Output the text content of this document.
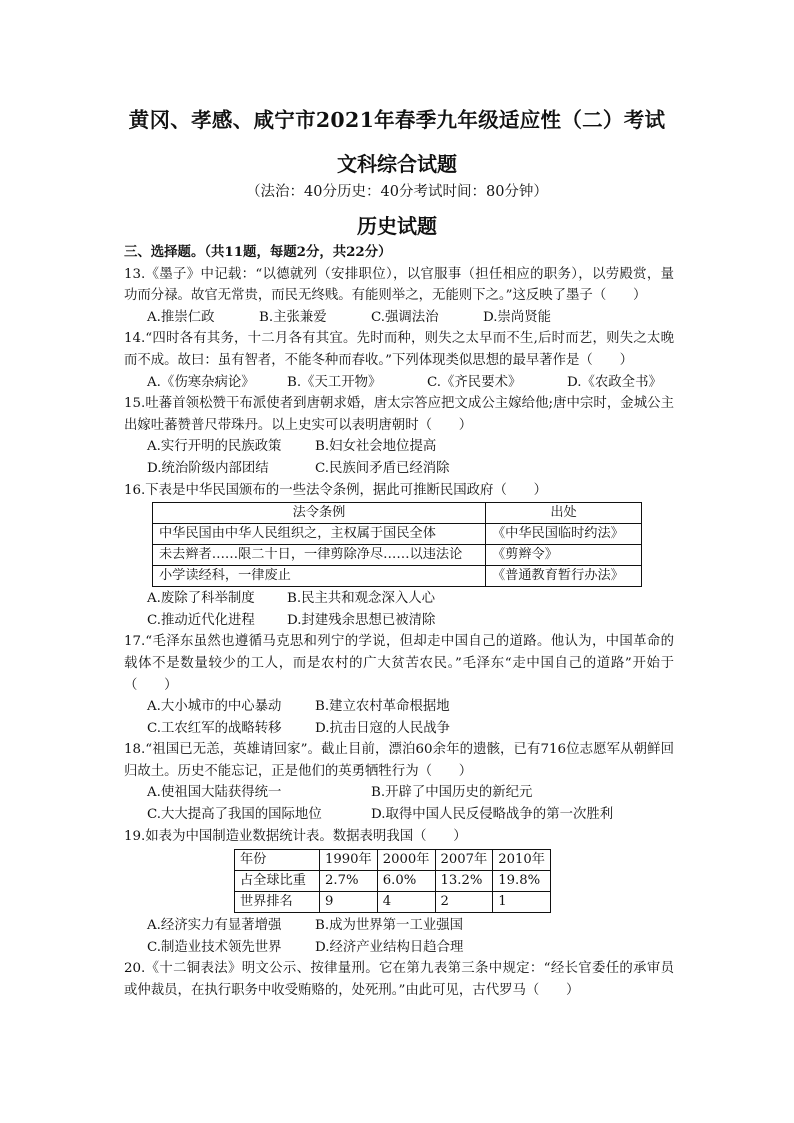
黄冈、孝感、咸宁市2021年春季九年级适应性（二）考试
文科综合试题
（法治：40分历史：40分考试时间：80分钟）
历史试题
三、选择题。（共11题，每题2分，共22分）
13.《墨子》中记载：“以德就列（安排职位），以官服事（担任相应的职务），以劳殿赏，量功而分禄。故官无常贵，而民无终贱。有能则举之，无能则下之。”这反映了墨子（　　）
A.推崇仁政	B.主张兼爱	C.强调法治	D.崇尚贤能
14.“四时各有其务，十二月各有其宜。先时而种，则失之太早而不生,后时而艺，则失之太晚而不成。故曰：虽有智者，不能冬种而春收。”下列体现类似思想的最早著作是（　　）
A.《伤寒杂病论》	B.《天工开物》	C.《齐民要术》	D.《农政全书》
15.吐蕃首领松赞干布派使者到唐朝求婚，唐太宗答应把文成公主嫁给他;唐中宗时，金城公主出嫁吐蕃赞普尺带珠丹。以上史实可以表明唐朝时（　　）
A.实行开明的民族政策	B.妇女社会地位提高
D.统治阶级内部团结	C.民族间矛盾已经消除
16.下表是中华民国颁布的一些法令条例，据此可推断民国政府（　　）
法令条例	出处
中华民国由中华人民组织之，主权属于国民全体	《中华民国临时约法》
未去辫者……限二十日，一律剪除净尽……以违法论	《剪辫令》
小学读经科，一律废止	《普通教育暂行办法》
A.废除了科举制度	B.民主共和观念深入人心
C.推动近代化进程	D.封建残余思想已被清除
17.“毛泽东虽然也遵循马克思和列宁的学说，但却走中国自己的道路。他认为，中国革命的载体不是数量较少的工人，而是农村的广大贫苦农民。”毛泽东“走中国自己的道路”开始于（　　）
A.大小城市的中心暴动	B.建立农村革命根据地
C.工农红军的战略转移	D.抗击日寇的人民战争
18.“祖国已无恙，英雄请回家”。截止目前，漂泊60余年的遗骸，已有716位志愿军从朝鲜回归故土。历史不能忘记，正是他们的英勇牺牲行为（　　）
A.使祖国大陆获得统一	B.开辟了中国历史的新纪元
C.大大提高了我国的国际地位	D.取得中国人民反侵略战争的第一次胜利
19.如表为中国制造业数据统计表。数据表明我国（　　）
年份	1990年	2000年	2007年	2010年
占全球比重	2.7%	6.0%	13.2%	19.8%
世界排名	9	4	2	1
A.经济实力有显著增强	B.成为世界第一工业强国
C.制造业技术领先世界	D.经济产业结构日趋合理
20.《十二铜表法》明文公示、按律量刑。它在第九表第三条中规定：“经长官委任的承审员或仲裁员，在执行职务中收受贿赂的，处死刑。”由此可见，古代罗马（　　）
